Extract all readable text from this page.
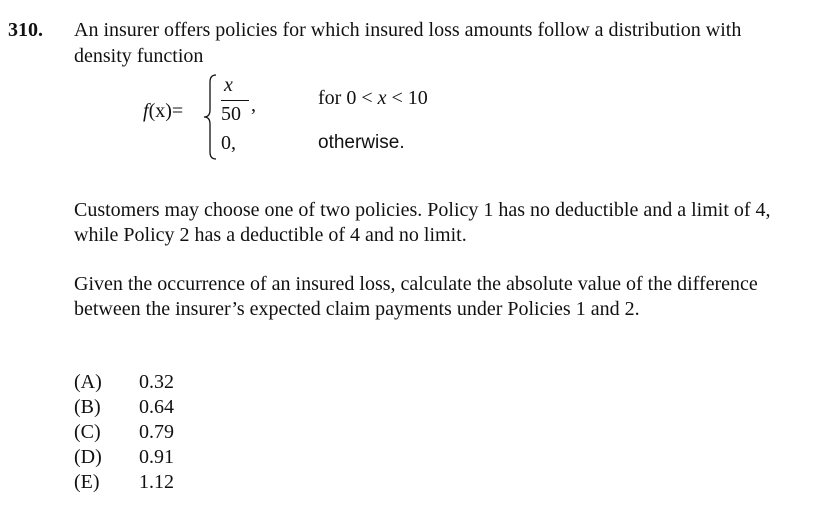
310. An insurer offers policies for which insured loss amounts follow a distribution with
density function
f(x)=
x
50 ,
0,
for 0 < x < 10
otherwise.
Customers may choose one of two policies. Policy 1 has no deductible and a limit of 4,
while Policy 2 has a deductible of 4 and no limit.
Given the occurrence of an insured loss, calculate the absolute value of the difference
between the insurer’s expected claim payments under Policies 1 and 2.
(A) 0.32
(B) 0.64
(C) 0.79
(D) 0.91
(E) 1.12
